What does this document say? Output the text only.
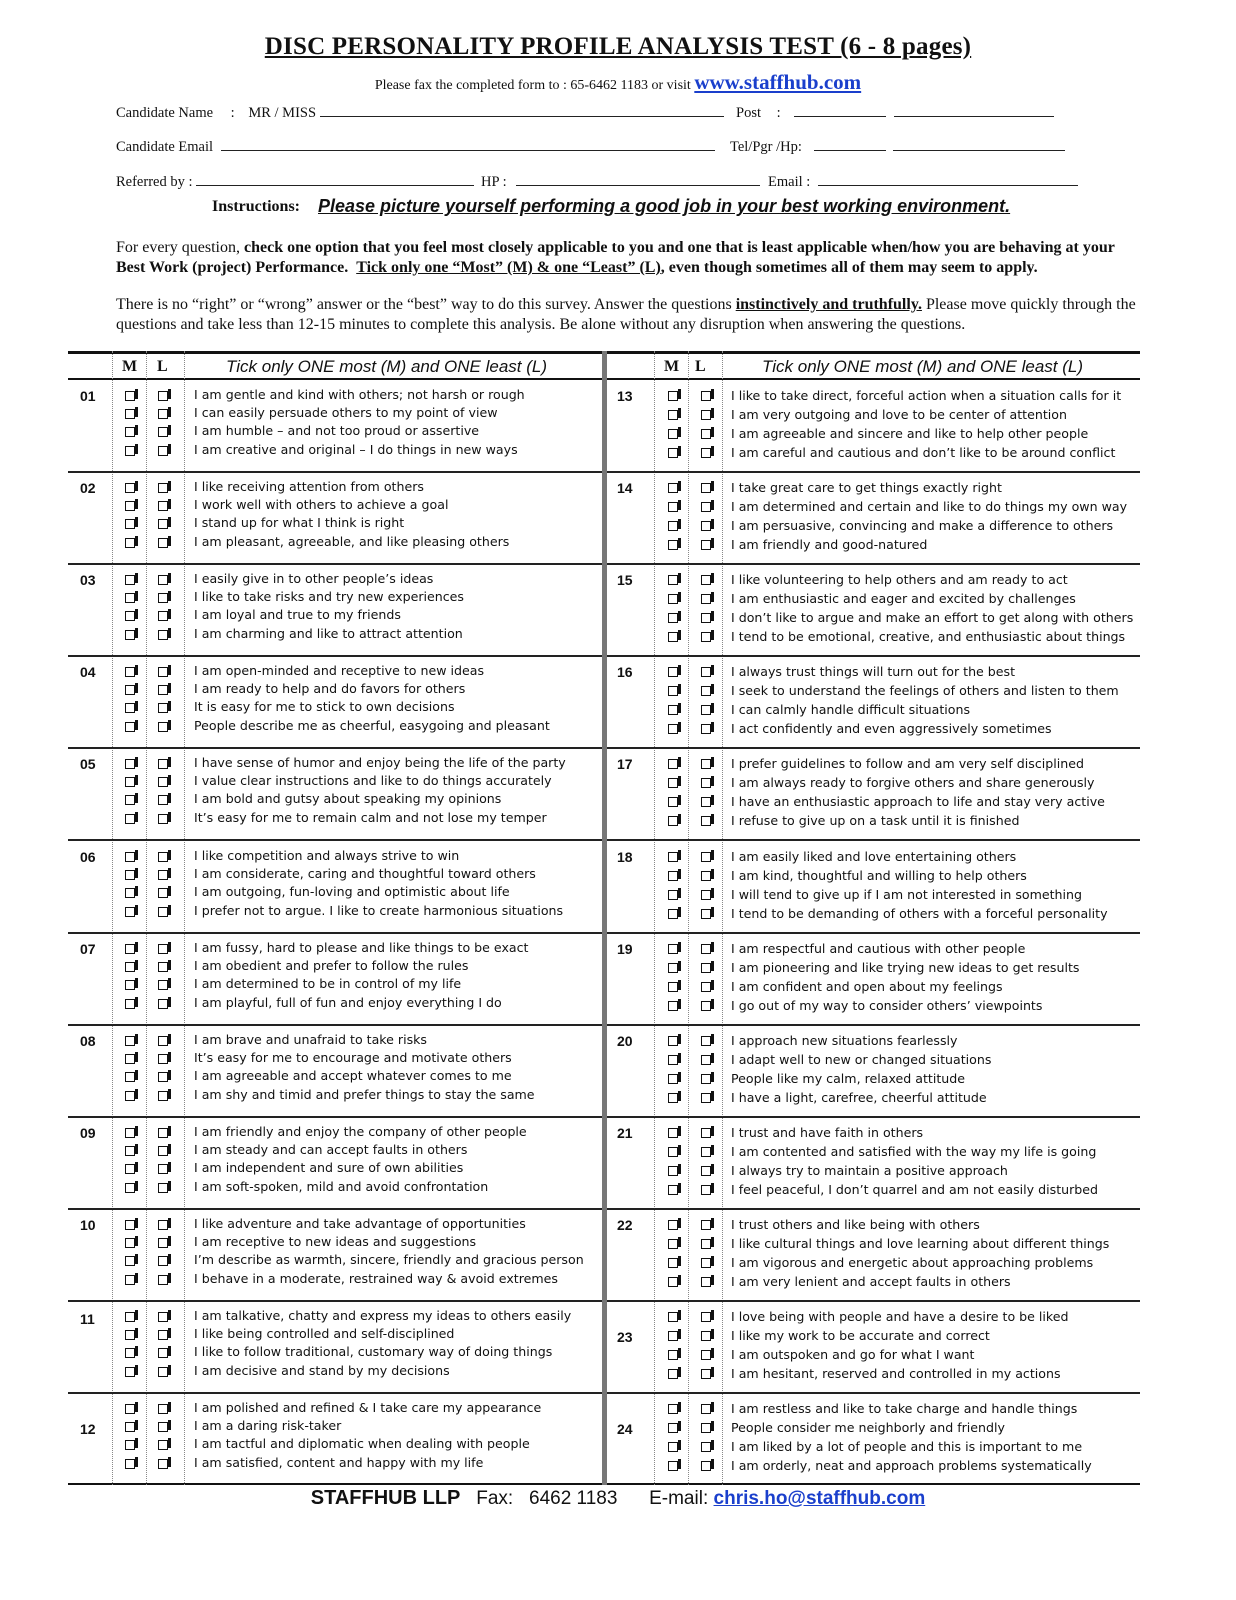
DISC PERSONALITY PROFILE ANALYSIS TEST (6 - 8 pages)
Please fax the completed form to : 65-6462 1183 or visit www.staffhub.com
Candidate Name : MR / MISS	Post :
Candidate Email	Tel/Pgr /Hp:
Referred by :	HP :	Email :
Instructions: Please picture yourself performing a good job in your best working environment.
For every question, check one option that you feel most closely applicable to you and one that is least applicable when/how you are behaving at your Best Work (project) Performance. Tick only one “Most” (M) & one “Least” (L), even though sometimes all of them may seem to apply.
There is no “right” or “wrong” answer or the “best” way to do this survey. Answer the questions instinctively and truthfully. Please move quickly through the questions and take less than 12-15 minutes to complete this analysis. Be alone without any disruption when answering the questions.
M L	Tick only ONE most (M) and ONE least (L)	M L	Tick only ONE most (M) and ONE least (L)
01	I am gentle and kind with others; not harsh or rough
I can easily persuade others to my point of view
I am humble – and not too proud or assertive
I am creative and original – I do things in new ways
02	I like receiving attention from others
I work well with others to achieve a goal
I stand up for what I think is right
I am pleasant, agreeable, and like pleasing others
03	I easily give in to other people’s ideas
I like to take risks and try new experiences
I am loyal and true to my friends
I am charming and like to attract attention
04	I am open-minded and receptive to new ideas
I am ready to help and do favors for others
It is easy for me to stick to own decisions
People describe me as cheerful, easygoing and pleasant
05	I have sense of humor and enjoy being the life of the party
I value clear instructions and like to do things accurately
I am bold and gutsy about speaking my opinions
It’s easy for me to remain calm and not lose my temper
06	I like competition and always strive to win
I am considerate, caring and thoughtful toward others
I am outgoing, fun-loving and optimistic about life
I prefer not to argue. I like to create harmonious situations
07	I am fussy, hard to please and like things to be exact
I am obedient and prefer to follow the rules
I am determined to be in control of my life
I am playful, full of fun and enjoy everything I do
08	I am brave and unafraid to take risks
It’s easy for me to encourage and motivate others
I am agreeable and accept whatever comes to me
I am shy and timid and prefer things to stay the same
09	I am friendly and enjoy the company of other people
I am steady and can accept faults in others
I am independent and sure of own abilities
I am soft-spoken, mild and avoid confrontation
10	I like adventure and take advantage of opportunities
I am receptive to new ideas and suggestions
I’m describe as warmth, sincere, friendly and gracious person
I behave in a moderate, restrained way & avoid extremes
11	I am talkative, chatty and express my ideas to others easily
I like being controlled and self-disciplined
I like to follow traditional, customary way of doing things
I am decisive and stand by my decisions
12
I am polished and refined & I take care my appearance
I am a daring risk-taker
I am tactful and diplomatic when dealing with people
I am satisfied, content and happy with my life
13	I like to take direct, forceful action when a situation calls for it
I am very outgoing and love to be center of attention
I am agreeable and sincere and like to help other people
I am careful and cautious and don’t like to be around conflict
14	I take great care to get things exactly right
I am determined and certain and like to do things my own way
I am persuasive, convincing and make a difference to others
I am friendly and good-natured
15	I like volunteering to help others and am ready to act
I am enthusiastic and eager and excited by challenges
I don’t like to argue and make an effort to get along with others
I tend to be emotional, creative, and enthusiastic about things
16	I always trust things will turn out for the best
I seek to understand the feelings of others and listen to them
I can calmly handle difficult situations
I act confidently and even aggressively sometimes
17	I prefer guidelines to follow and am very self disciplined
I am always ready to forgive others and share generously
I have an enthusiastic approach to life and stay very active
I refuse to give up on a task until it is finished
18	I am easily liked and love entertaining others
I am kind, thoughtful and willing to help others
I will tend to give up if I am not interested in something
I tend to be demanding of others with a forceful personality
19	I am respectful and cautious with other people
I am pioneering and like trying new ideas to get results
I am confident and open about my feelings
I go out of my way to consider others’ viewpoints
20	I approach new situations fearlessly
I adapt well to new or changed situations
People like my calm, relaxed attitude
I have a light, carefree, cheerful attitude
21	I trust and have faith in others
I am contented and satisfied with the way my life is going
I always try to maintain a positive approach
I feel peaceful, I don’t quarrel and am not easily disturbed
22	I trust others and like being with others
I like cultural things and love learning about different things
I am vigorous and energetic about approaching problems
I am very lenient and accept faults in others
23
I love being with people and have a desire to be liked
I like my work to be accurate and correct
I am outspoken and go for what I want
I am hesitant, reserved and controlled in my actions
24
I am restless and like to take charge and handle things
People consider me neighborly and friendly
I am liked by a lot of people and this is important to me
I am orderly, neat and approach problems systematically
STAFFHUB LLP Fax: 6462 1183 E-mail: chris.ho@staffhub.com
